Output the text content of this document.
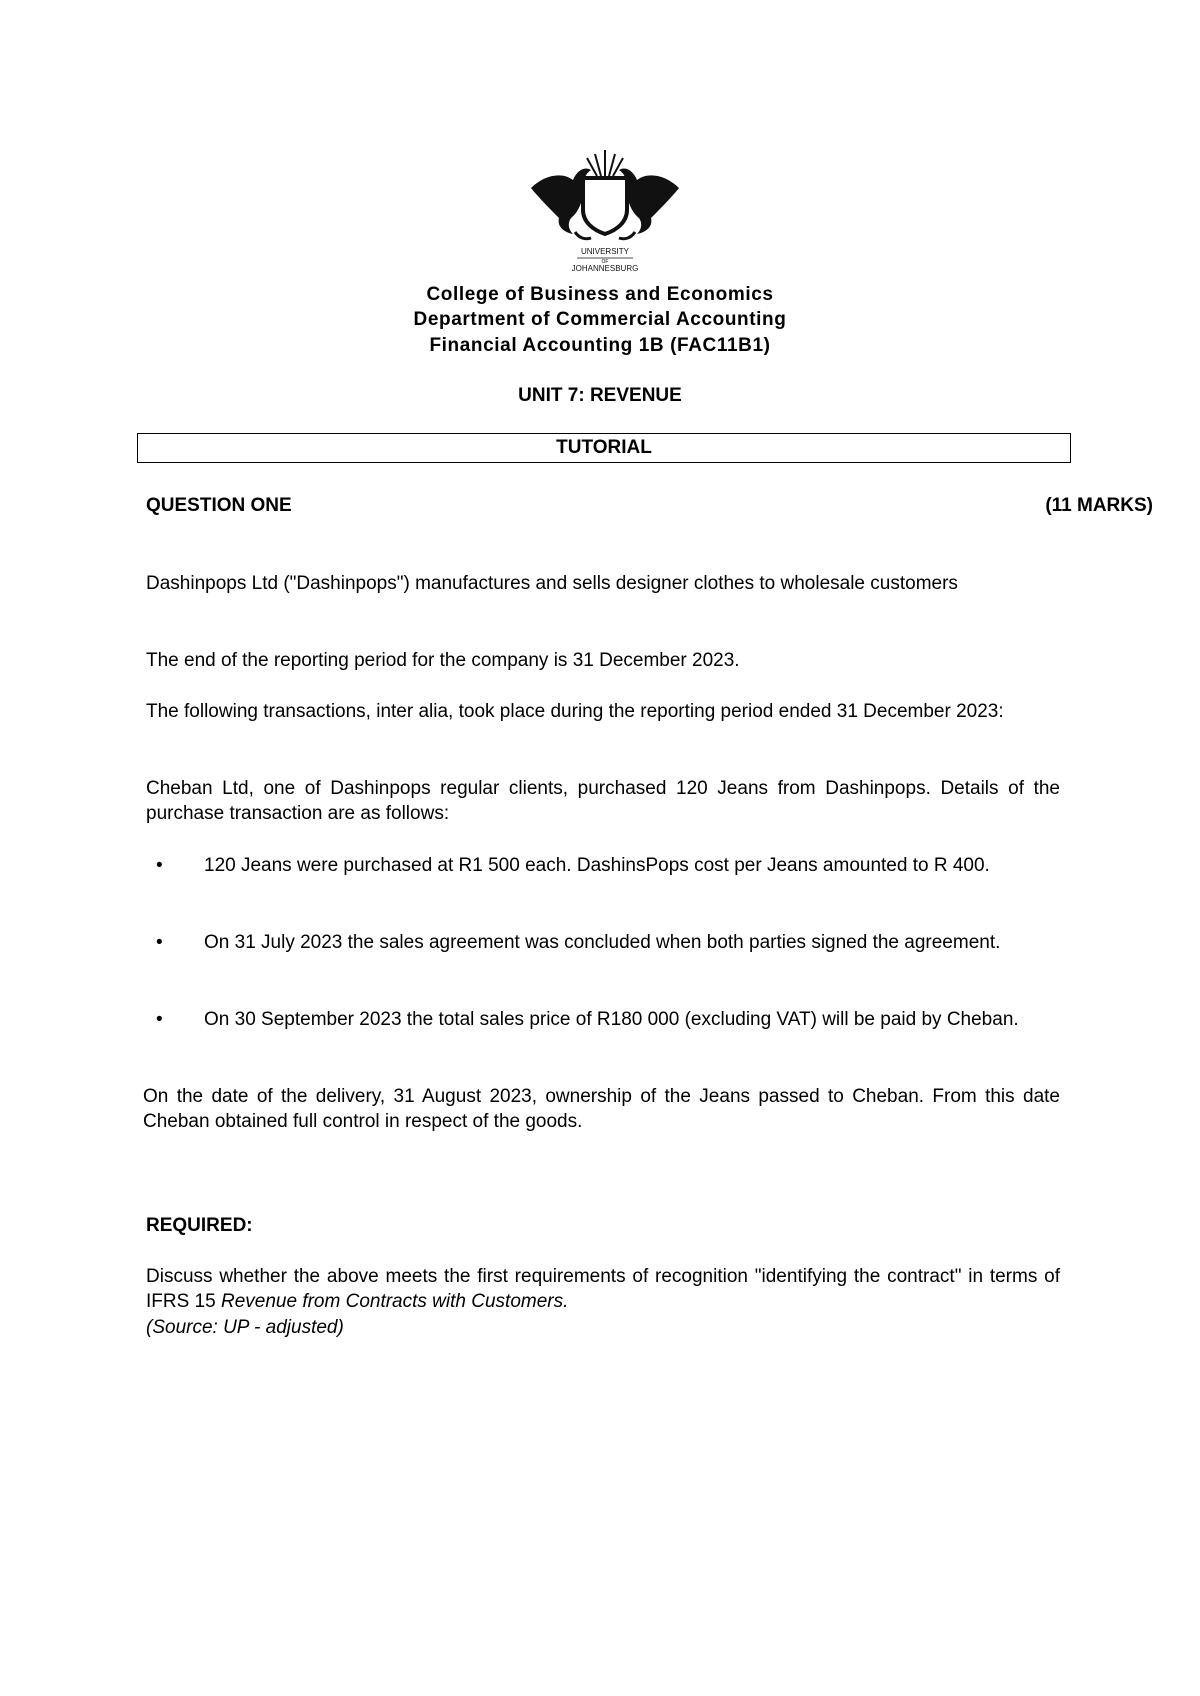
UNIVERSITY
OF
JOHANNESBURG
College of Business and Economics
Department of Commercial Accounting
Financial Accounting 1B (FAC11B1)
UNIT 7: REVENUE
TUTORIAL
QUESTION ONE	(11 MARKS)
Dashinpops Ltd ("Dashinpops") manufactures and sells designer clothes to wholesale customers
The end of the reporting period for the company is 31 December 2023.
The following transactions, inter alia, took place during the reporting period ended 31 December 2023:
Cheban Ltd, one of Dashinpops regular clients, purchased 120 Jeans from Dashinpops. Details of the purchase transaction are as follows:
• 120 Jeans were purchased at R1 500 each. DashinsPops cost per Jeans amounted to R 400.
• On 31 July 2023 the sales agreement was concluded when both parties signed the agreement.
• On 30 September 2023 the total sales price of R180 000 (excluding VAT) will be paid by Cheban.
On the date of the delivery, 31 August 2023, ownership of the Jeans passed to Cheban. From this date Cheban obtained full control in respect of the goods.
REQUIRED:
Discuss whether the above meets the first requirements of recognition "identifying the contract" in terms of IFRS 15 Revenue from Contracts with Customers.
(Source: UP - adjusted)
